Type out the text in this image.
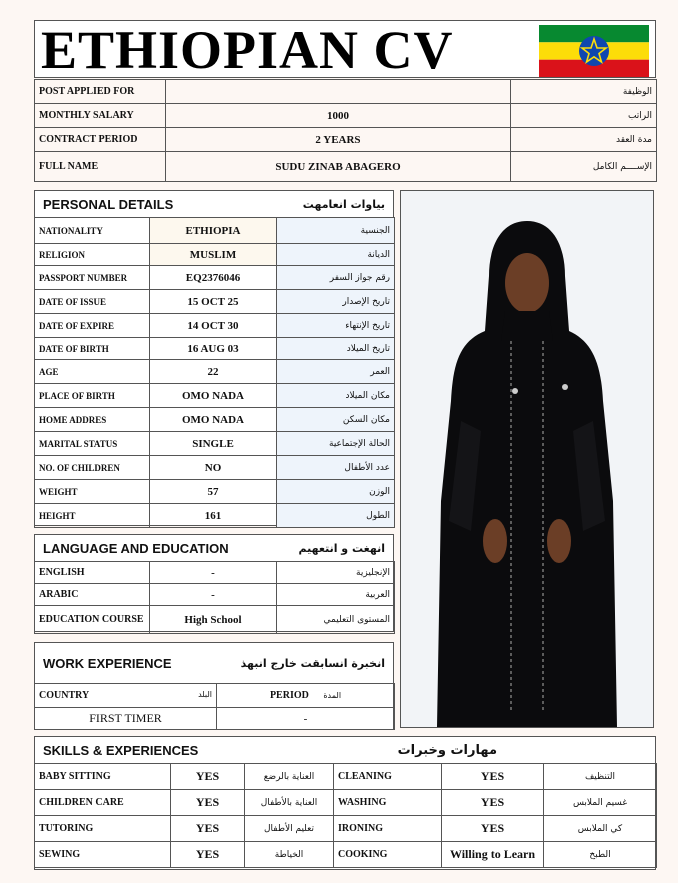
ETHIOPIAN CV
POST APPLIED FOR		الوظيفة
MONTHLY SALARY	1000	الراتب
CONTRACT PERIOD	2 YEARS	مدة العقد
FULL NAME	SUDU ZINAB ABAGERO	الإســــم الكامل
PERSONAL DETAILS	بياوات انعامهت
NATIONALITY	ETHIOPIA	الجنسية
RELIGION	MUSLIM	الديانة
PASSPORT NUMBER	EQ2376046	رقم جواز السفر
DATE OF ISSUE	15 OCT 25	تاريخ الإصدار
DATE OF EXPIRE	14 OCT 30	تاريخ الإنتهاء
DATE OF BIRTH	16 AUG 03	تاريخ الميلاد
AGE	22	العمر
PLACE OF BIRTH	OMO NADA	مكان الميلاد
HOME ADDRES	OMO NADA	مكان السكن
MARITAL STATUS	SINGLE	الحالة الإجتماعية
NO. OF CHILDREN	NO	عدد الأطفال
WEIGHT	57	الوزن
HEIGHT	161	الطول
LANGUAGE AND EDUCATION	انهغت و انتعهيم
ENGLISH	-	الإنجليزية
ARABIC	-	العربية
EDUCATION COURSE	High School	المستوى التعليمي
WORK EXPERIENCE	انخبرة انسابقت خارج انبهذ
COUNTRY البلد	PERIOD المدة
FIRST TIMER	-
SKILLS & EXPERIENCES	مهارات وخبرات
BABY SITTING	YES	العناية بالرضع	CLEANING	YES	التنظيف
CHILDREN CARE	YES	العناية بالأطفال	WASHING	YES	غسيم الملابس
TUTORING	YES	تعليم الأطفال	IRONING	YES	كي الملابس
SEWING	YES	الخياطة	COOKING	Willing to Learn	الطبخ
